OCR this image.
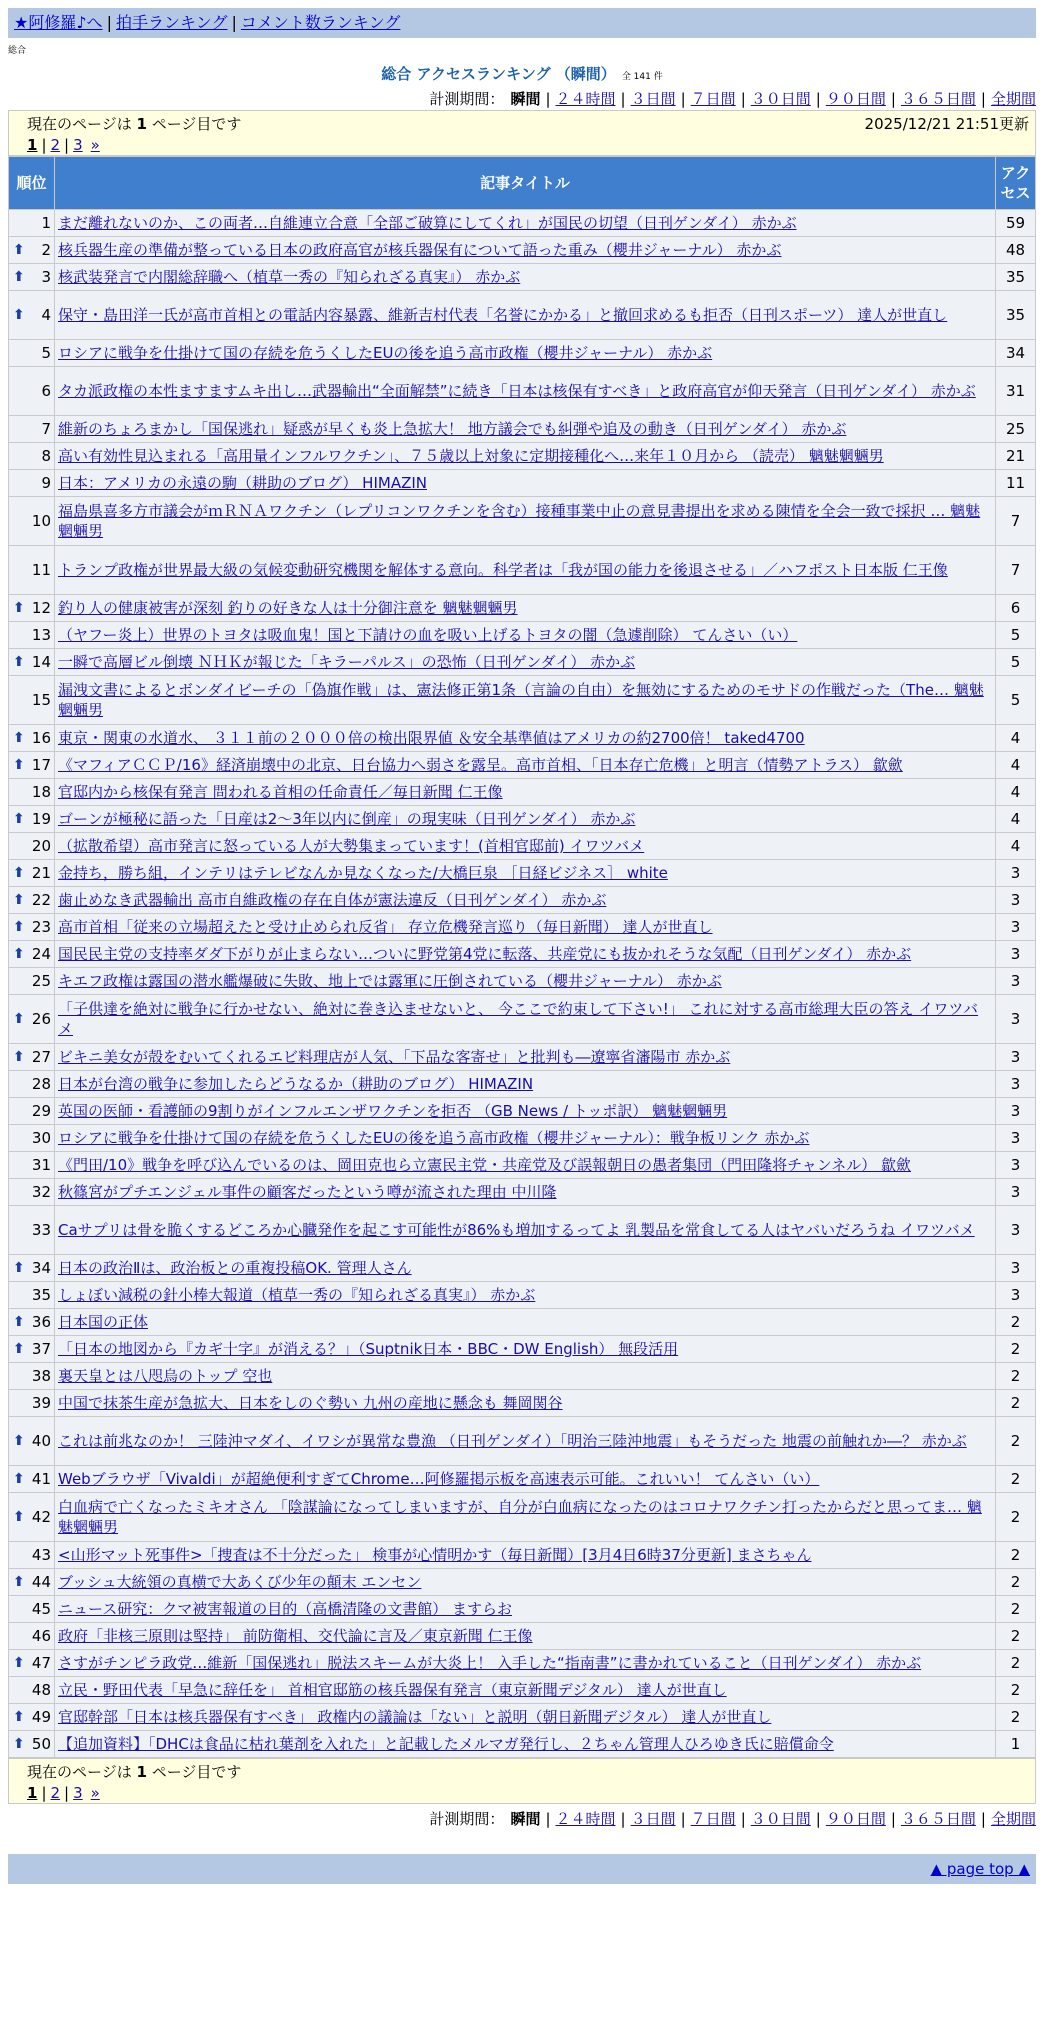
★阿修羅♪へ | 拍手ランキング | コメント数ランキング
総合
総合 アクセスランキング （瞬間） 全 141 件
計測期間： 瞬間 | ２４時間 | ３日間 | ７日間 | ３０日間 | ９０日間 | ３６５日間 | 全期間
現在のページは 1 ページ目です	2025/12/21 21:51更新
1 | 2 | 3 »
順位	記事タイトル	アクセス
1	まだ離れないのか、この両者…自維連立合意「全部ご破算にしてくれ」が国民の切望（日刊ゲンダイ） 赤かぶ	59

⬆ 2	核兵器生産の準備が整っている日本の政府高官が核兵器保有について語った重み（櫻井ジャーナル） 赤かぶ	48

⬆ 3	核武装発言で内閣総辞職へ（植草一秀の『知られざる真実』） 赤かぶ	35

⬆ 4	保守・島田洋一氏が高市首相との電話内容暴露、維新吉村代表「名誉にかかる」と撤回求めるも拒否（日刊スポーツ） 達人が世直し	35
5	ロシアに戦争を仕掛けて国の存続を危うくしたEUの後を追う高市政権（櫻井ジャーナル） 赤かぶ	34
6	タカ派政権の本性ますますムキ出し…武器輸出“全面解禁”に続き「日本は核保有すべき」と政府高官が仰天発言（日刊ゲンダイ） 赤かぶ	31
7	維新のちょろまかし「国保逃れ」疑惑が早くも炎上急拡大！ 地方議会でも糾弾や追及の動き（日刊ゲンダイ） 赤かぶ	25
8	高い有効性見込まれる「高用量インフルワクチン」、７５歳以上対象に定期接種化へ…来年１０月から （読売） 魑魅魍魎男	21
9	日本：アメリカの永遠の駒（耕助のブログ） HIMAZIN	11
10	福島県喜多方市議会がｍＲＮＡワクチン（レプリコンワクチンを含む）接種事業中止の意見書提出を求める陳情を全会一致で採択 … 魑魅魍魎男	7
11	トランプ政権が世界最大級の気候変動研究機関を解体する意向。科学者は「我が国の能力を後退させる」／ハフポスト日本版 仁王像	7

⬆ 12	釣り人の健康被害が深刻 釣りの好きな人は十分御注意を 魑魅魍魎男	6
13	（ヤフー炎上）世界のトヨタは吸血鬼！国と下請けの血を吸い上げるトヨタの闇（急遽削除） てんさい（い）	5

⬆ 14	一瞬で高層ビル倒壊 ＮＨＫが報じた「キラーパルス」の恐怖（日刊ゲンダイ） 赤かぶ	5
15	漏洩文書によるとボンダイビーチの「偽旗作戦」は、憲法修正第1条（言論の自由）を無効にするためのモサドの作戦だった（The… 魑魅魍魎男	5

⬆ 16	東京・関東の水道水、 ３１１前の２０００倍の検出限界値 ＆安全基準値はアメリカの約2700倍！ taked4700	4

⬆ 17	《マフィアＣＣＰ/16》経済崩壊中の北京、日台協力へ弱さを露呈。高市首相、「日本存亡危機」と明言（情勢アトラス） 歙歛	4
18	官邸内から核保有発言 問われる首相の任命責任／毎日新聞 仁王像	4

⬆ 19	ゴーンが極秘に語った「日産は2～3年以内に倒産」の現実味（日刊ゲンダイ） 赤かぶ	4
20	（拡散希望）高市発言に怒っている人が大勢集まっています！(首相官邸前) イワツバメ	4

⬆ 21	金持ち，勝ち組，インテリはテレビなんか見なくなった/大橋巨泉 ［日経ビジネス］ white	3

⬆ 22	歯止めなき武器輸出 高市自維政権の存在自体が憲法違反（日刊ゲンダイ） 赤かぶ	3

⬆ 23	高市首相「従来の立場超えたと受け止められ反省」 存立危機発言巡り（毎日新聞） 達人が世直し	3

⬆ 24	国民民主党の支持率ダダ下がりが止まらない…ついに野党第4党に転落、共産党にも抜かれそうな気配（日刊ゲンダイ） 赤かぶ	3
25	キエフ政権は露国の潜水艦爆破に失敗、地上では露軍に圧倒されている（櫻井ジャーナル） 赤かぶ	3

⬆ 26	「子供達を絶対に戦争に行かせない、絶対に巻き込ませないと、 今ここで約束して下さい!」 これに対する高市総理大臣の答え イワツバメ	3

⬆ 27	ビキニ美女が殻をむいてくれるエビ料理店が人気、「下品な客寄せ」と批判も―遼寧省瀋陽市 赤かぶ	3
28	日本が台湾の戦争に参加したらどうなるか（耕助のブログ） HIMAZIN	3
29	英国の医師・看護師の9割りがインフルエンザワクチンを拒否 （GB News / トッポ訳） 魑魅魍魎男	3
30	ロシアに戦争を仕掛けて国の存続を危うくしたEUの後を追う高市政権（櫻井ジャーナル）：戦争板リンク 赤かぶ	3
31	《門田/10》戦争を呼び込んでいるのは、岡田克也ら立憲民主党・共産党及び誤報朝日の愚者集団（門田隆将チャンネル） 歙歛	3
32	秋篠宮がプチエンジェル事件の顧客だったという噂が流された理由 中川隆	3
33	Caサプリは骨を脆くするどころか心臓発作を起こす可能性が86%も増加するってよ 乳製品を常食してる人はヤバいだろうね イワツバメ	3

⬆ 34	日本の政治Ⅱは、政治板との重複投稿OK. 管理人さん	3
35	しょぼい減税の針小棒大報道（植草一秀の『知られざる真実』） 赤かぶ	3

⬆ 36	日本国の正体	2

⬆ 37	「日本の地図から『カギ十字』が消える？」（Suptnik日本・BBC・DW English） 無段活用	2
38	裏天皇とは八咫烏のトップ 空也	2
39	中国で抹茶生産が急拡大、日本をしのぐ勢い 九州の産地に懸念も 舞岡関谷	2

⬆ 40	これは前兆なのか！ 三陸沖マダイ、イワシが異常な豊漁 （日刊ゲンダイ）「明治三陸沖地震」もそうだった 地震の前触れか―？ 赤かぶ	2

⬆ 41	Webブラウザ「Vivaldi」が超絶便利すぎてChrome…阿修羅掲示板を高速表示可能。これいい！ てんさい（い）	2

⬆ 42	白血病で亡くなったミキオさん 「陰謀論になってしまいますが、自分が白血病になったのはコロナワクチン打ったからだと思ってま… 魑魅魍魎男	2
43	<山形マット死事件>「捜査は不十分だった」 検事が心情明かす（毎日新聞）[3月4日6時37分更新] まさちゃん	2

⬆ 44	ブッシュ大統領の真横で大あくび少年の顛末 エンセン	2
45	ニュース研究：クマ被害報道の目的（高橋清隆の文書館） ますらお	2
46	政府「非核三原則は堅持」 前防衛相、交代論に言及／東京新聞 仁王像	2

⬆ 47	さすがチンピラ政党…維新「国保逃れ」脱法スキームが大炎上！ 入手した“指南書”に書かれていること（日刊ゲンダイ） 赤かぶ	2
48	立民・野田代表「早急に辞任を」 首相官邸筋の核兵器保有発言（東京新聞デジタル） 達人が世直し	2

⬆ 49	官邸幹部「日本は核兵器保有すべき」 政権内の議論は「ない」と説明（朝日新聞デジタル） 達人が世直し	2

⬆ 50	【追加資料】「DHCは食品に枯れ葉剤を入れた」と記載したメルマガ発行し、２ちゃん管理人ひろゆき氏に賠償命令	1
現在のページは 1 ページ目です
1 | 2 | 3 »
計測期間： 瞬間 | ２４時間 | ３日間 | ７日間 | ３０日間 | ９０日間 | ３６５日間 | 全期間
▲ page top ▲
